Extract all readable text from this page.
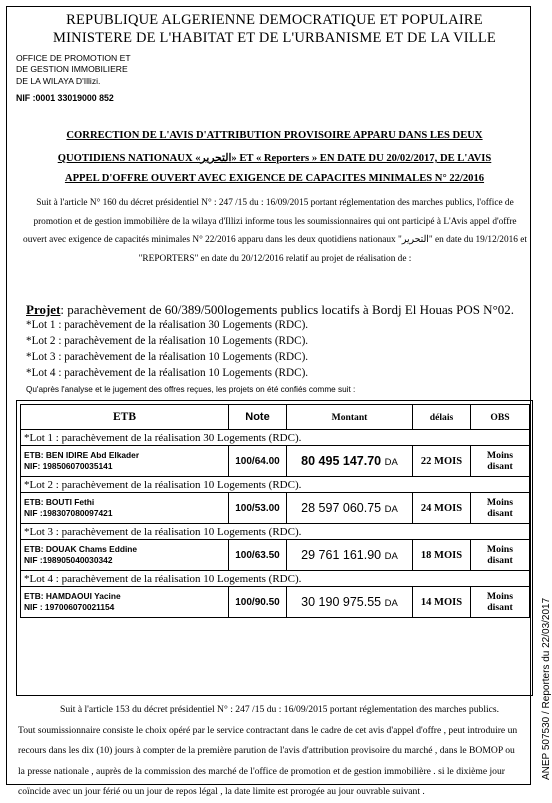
REPUBLIQUE ALGERIENNE DEMOCRATIQUE ET POPULAIRE
MINISTERE DE L'HABITAT ET DE L'URBANISME ET DE LA VILLE
OFFICE DE PROMOTION ET
DE GESTION IMMOBILIERE
DE LA WILAYA D'Illizi.
NIF :0001 33019000 852
CORRECTION DE L'AVIS D'ATTRIBUTION PROVISOIRE APPARU DANS LES DEUX
QUOTIDIENS NATIONAUX «التحرير» ET « Reporters » EN DATE DU 20/02/2017, DE L'AVIS
APPEL D'OFFRE OUVERT AVEC EXIGENCE DE CAPACITES MINIMALES N° 22/2016
Suit à l'article N° 160 du décret présidentiel N° : 247 /15 du : 16/09/2015 portant réglementation des marches publics, l'office de promotion et de gestion immobilière de la wilaya d'Illizi informe tous les soumissionnaires qui ont participé à L'Avis appel d'offre ouvert avec exigence de capacités minimales N° 22/2016 apparu dans les deux quotidiens nationaux "التحرير" en date du 19/12/2016 et "REPORTERS" en date du 20/12/2016 relatif au projet de réalisation de :
Projet: parachèvement de 60/389/500logements publics locatifs à Bordj El Houas POS N°02.
*Lot 1 : parachèvement de la réalisation 30 Logements (RDC).
*Lot 2 : parachèvement de la réalisation 10 Logements (RDC).
*Lot 3 : parachèvement de la réalisation 10 Logements (RDC).
*Lot 4 : parachèvement de la réalisation 10 Logements (RDC).
Qu'après l'analyse et le jugement des offres reçues, les projets on été confiés comme suit :
ETB	Note	Montant	délais	OBS
*Lot 1 : parachèvement de la réalisation 30 Logements (RDC).				

ETB: BEN IDIRE Abd Elkader
NIF: 198506070035141	100/64.00	80 495 147.70 DA	22 MOIS	Moins disant
*Lot 2 : parachèvement de la réalisation 10 Logements (RDC).				

ETB: BOUTI Fethi
NIF :198307080097421	100/53.00	28 597 060.75 DA	24 MOIS	Moins disant
*Lot 3 : parachèvement de la réalisation 10 Logements (RDC).				

ETB: DOUAK Chams Eddine
NIF :198905040030342	100/63.50	29 761 161.90 DA	18 MOIS	Moins disant
*Lot 4 : parachèvement de la réalisation 10 Logements (RDC).				

ETB: HAMDAOUI Yacine
NIF : 197006070021154	100/90.50	30 190 975.55 DA	14 MOIS	Moins disant
Suit à l'article 153 du décret présidentiel N° : 247 /15 du : 16/09/2015 portant réglementation des marches publics. Tout soumissionnaire consiste le choix opéré par le service contractant dans le cadre de cet avis d'appel d'offre , peut introduire un recours dans les dix (10) jours à compter de la première parution de l'avis d'attribution provisoire du marché , dans le BOMOP ou la presse nationale , auprès de la commission des marché de l'office de promotion et de gestion immobilière . si le dixième jour coïncide avec un jour férié ou un jour de repos légal , la date limite est prorogée au jour ouvrable suivant .
ANEP 507530 / Reporters du 22/03/2017
